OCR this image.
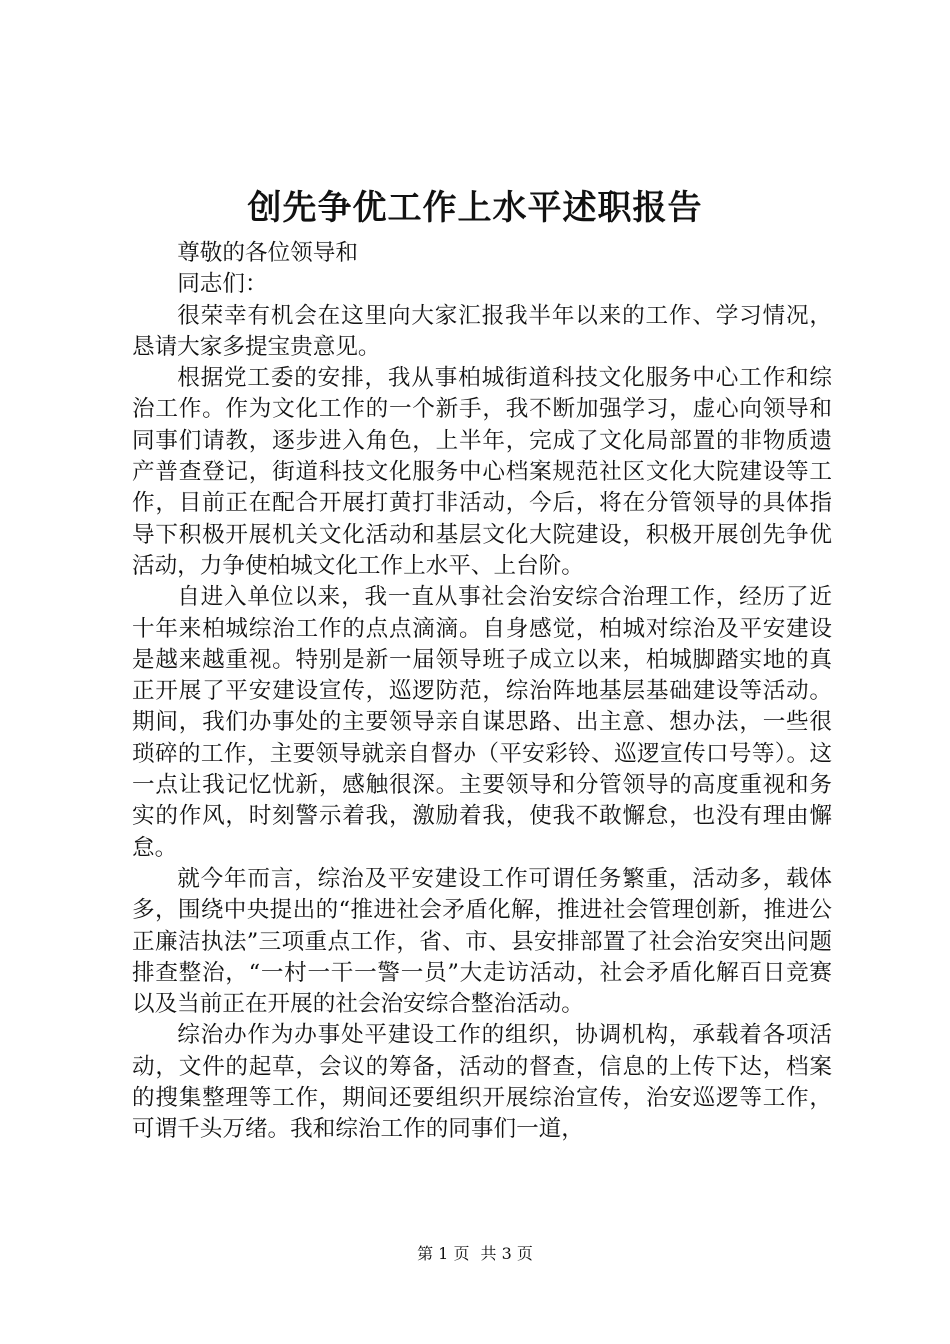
创先争优工作上水平述职报告

尊敬的各位领导和

同志们：

很荣幸有机会在这里向大家汇报我半年以来的工作、学习情况，恳请大家多提宝贵意见。

根据党工委的安排，我从事柏城街道科技文化服务中心工作和综治工作。作为文化工作的一个新手，我不断加强学习，虚心向领导和同事们请教，逐步进入角色，上半年，完成了文化局部置的非物质遗产普查登记，街道科技文化服务中心档案规范社区文化大院建设等工作，目前正在配合开展打黄打非活动，今后，将在分管领导的具体指导下积极开展机关文化活动和基层文化大院建设，积极开展创先争优活动，力争使柏城文化工作上水平、上台阶。

自进入单位以来，我一直从事社会治安综合治理工作，经历了近十年来柏城综治工作的点点滴滴。自身感觉，柏城对综治及平安建设是越来越重视。特别是新一届领导班子成立以来，柏城脚踏实地的真正开展了平安建设宣传，巡逻防范，综治阵地基层基础建设等活动。期间，我们办事处的主要领导亲自谋思路、出主意、想办法，一些很琐碎的工作，主要领导就亲自督办（平安彩铃、巡逻宣传口号等）。这一点让我记忆忧新，感触很深。主要领导和分管领导的高度重视和务实的作风，时刻警示着我，激励着我，使我不敢懈怠，也没有理由懈怠。

就今年而言，综治及平安建设工作可谓任务繁重，活动多，载体多，围绕中央提出的“推进社会矛盾化解，推进社会管理创新，推进公正廉洁执法”三项重点工作，省、市、县安排部置了社会治安突出问题排查整治，“一村一干一警一员”大走访活动，社会矛盾化解百日竞赛以及当前正在开展的社会治安综合整治活动。

综治办作为办事处平建设工作的组织，协调机构，承载着各项活动，文件的起草，会议的筹备，活动的督查，信息的上传下达，档案的搜集整理等工作，期间还要组织开展综治宣传，治安巡逻等工作，可谓千头万绪。我和综治工作的同事们一道，

第 1 页 共 3 页
